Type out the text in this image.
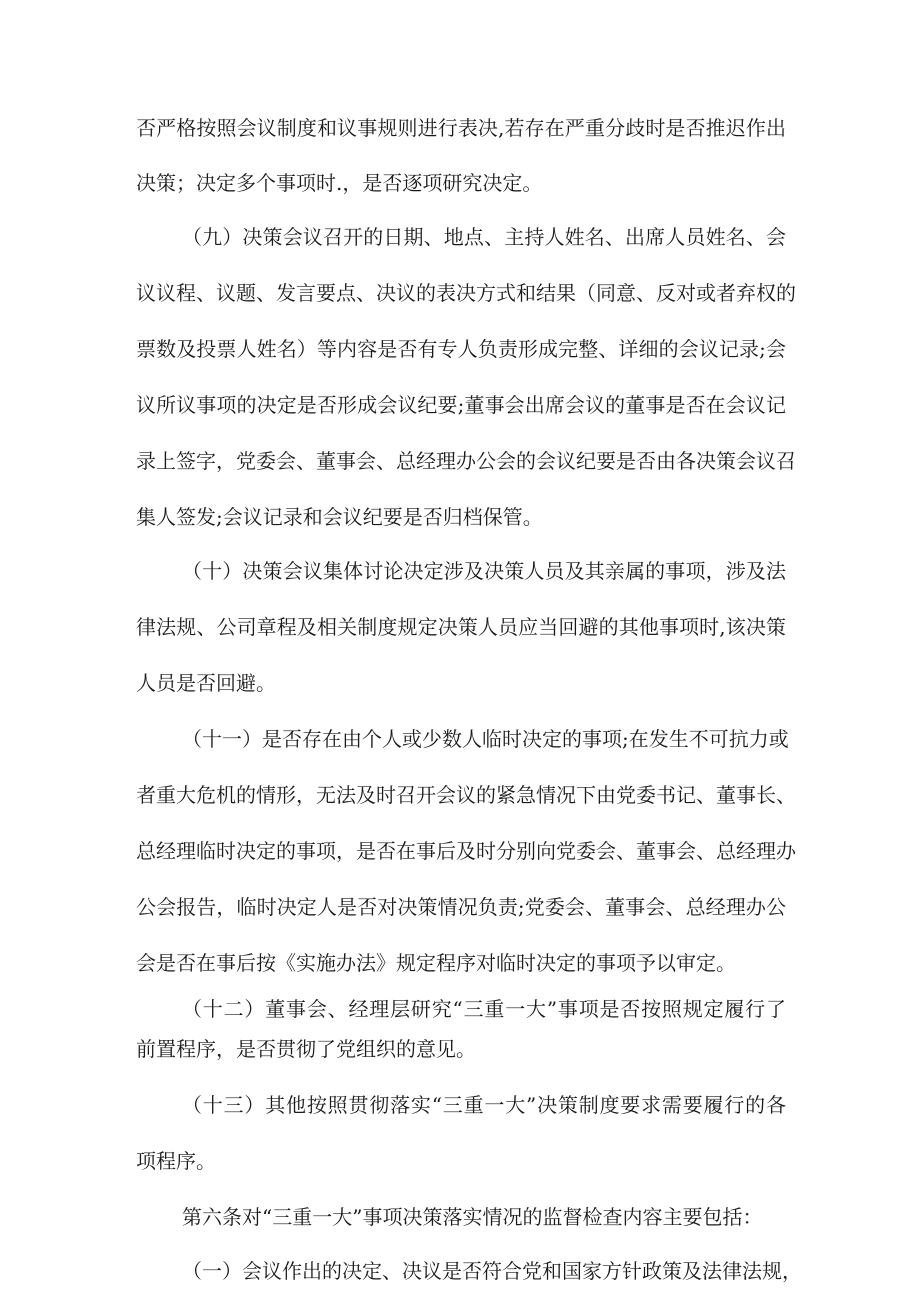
否严格按照会议制度和议事规则进行表决,若存在严重分歧时是否推迟作出
决策；决定多个事项时.，是否逐项研究决定。
（九）决策会议召开的日期、地点、主持人姓名、出席人员姓名、会
议议程、议题、发言要点、决议的表决方式和结果（同意、反对或者弃权的
票数及投票人姓名）等内容是否有专人负责形成完整、详细的会议记录;会
议所议事项的决定是否形成会议纪要;董事会出席会议的董事是否在会议记
录上签字，党委会、董事会、总经理办公会的会议纪要是否由各决策会议召
集人签发;会议记录和会议纪要是否归档保管。
（十）决策会议集体讨论决定涉及决策人员及其亲属的事项，涉及法
律法规、公司章程及相关制度规定决策人员应当回避的其他事项时,该决策
人员是否回避。
（十一）是否存在由个人或少数人临时决定的事项;在发生不可抗力或
者重大危机的情形，无法及时召开会议的紧急情况下由党委书记、董事长、
总经理临时决定的事项，是否在事后及时分别向党委会、董事会、总经理办
公会报告，临时决定人是否对决策情况负责;党委会、董事会、总经理办公
会是否在事后按《实施办法》规定程序对临时决定的事项予以审定。
（十二）董事会、经理层研究“三重一大”事项是否按照规定履行了
前置程序，是否贯彻了党组织的意见。
（十三）其他按照贯彻落实“三重一大”决策制度要求需要履行的各
项程序。
第六条对“三重一大”事项决策落实情况的监督检查内容主要包括：
（一）会议作出的决定、决议是否符合党和国家方针政策及法律法规，
